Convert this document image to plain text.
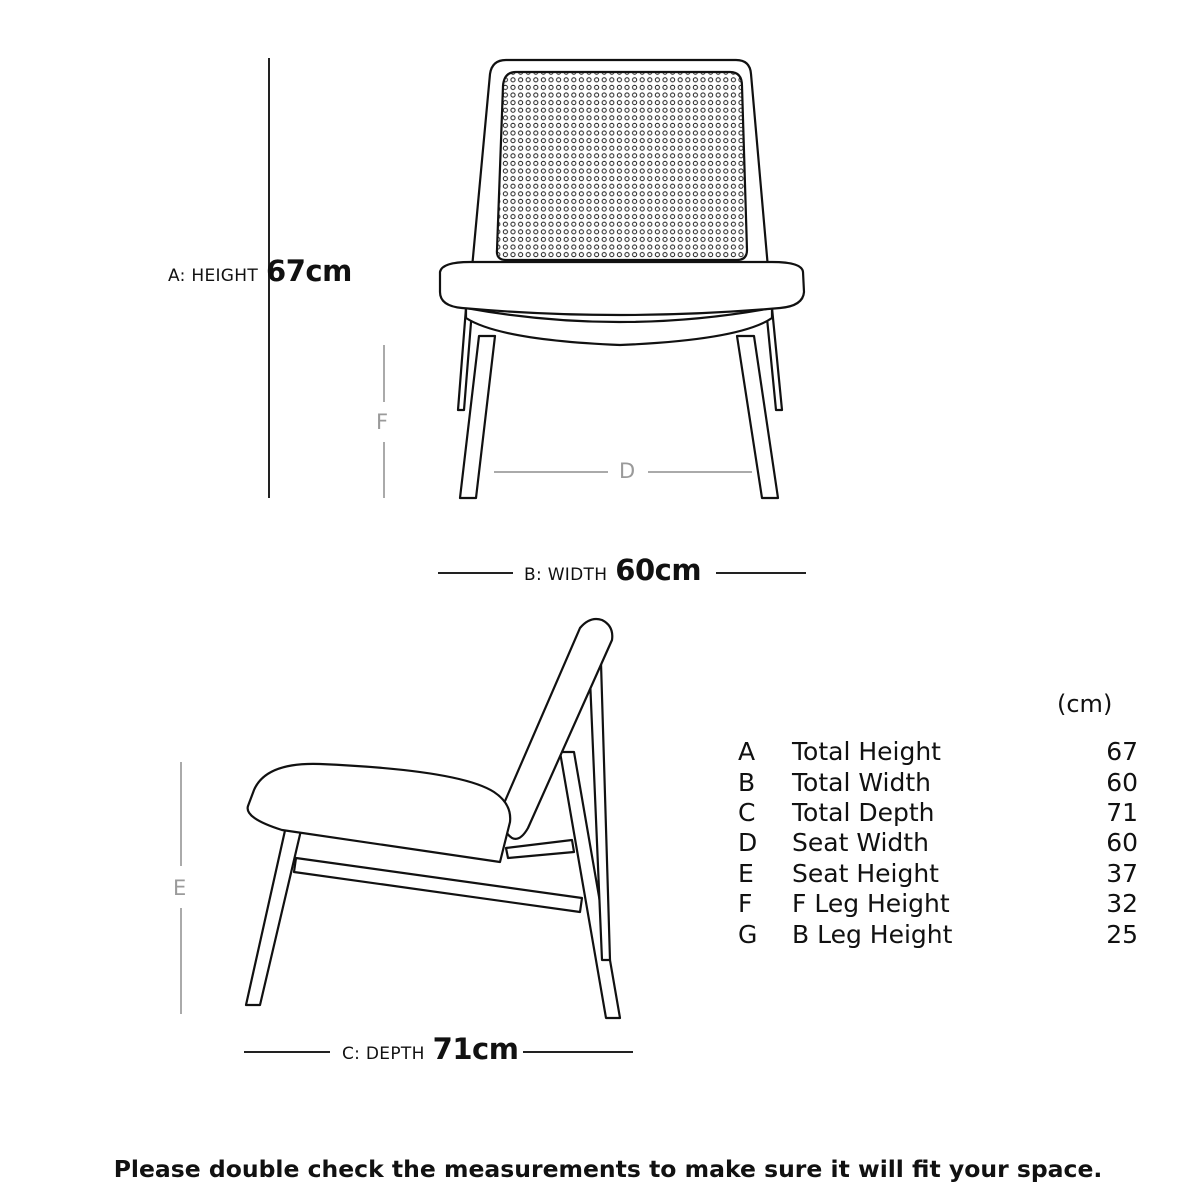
A: HEIGHT 67cm
F
D
B: WIDTH 60cm
E
C: DEPTH 71cm
(cm)
A	Total Height	67
B	Total Width	60
C	Total Depth	71
D	Seat Width	60
E	Seat Height	37
F	F Leg Height	32
G	B Leg Height	25
Please double check the measurements to make sure it will fit your space.
